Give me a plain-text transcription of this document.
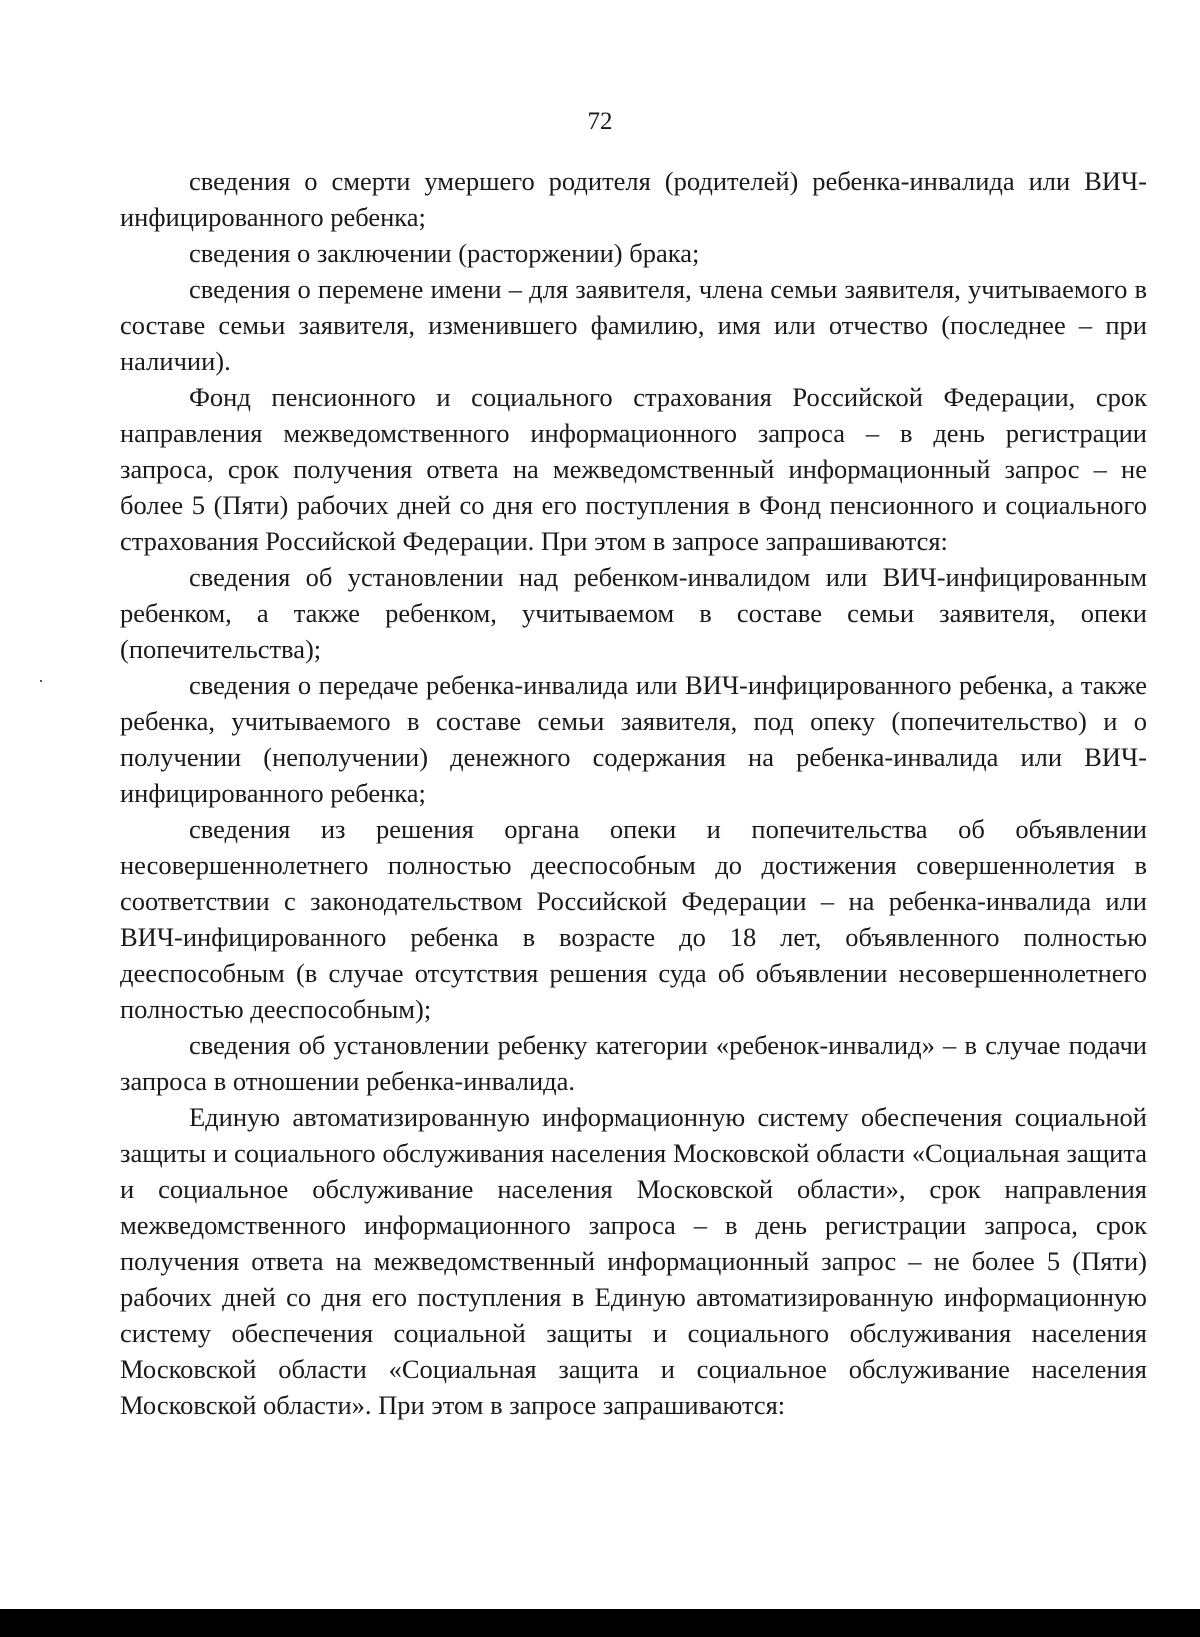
72

сведения о смерти умершего родителя (родителей) ребенка-инвалида или ВИЧ-инфицированного ребенка;

сведения о заключении (расторжении) брака;

сведения о перемене имени – для заявителя, члена семьи заявителя, учитываемого в составе семьи заявителя, изменившего фамилию, имя или отчество (последнее – при наличии).

Фонд пенсионного и социального страхования Российской Федерации, срок направления межведомственного информационного запроса – в день регистрации запроса, срок получения ответа на межведомственный информационный запрос – не более 5 (Пяти) рабочих дней со дня его поступления в Фонд пенсионного и социального страхования Российской Федерации. При этом в запросе запрашиваются:

сведения об установлении над ребенком-инвалидом или ВИЧ-инфицированным ребенком, а также ребенком, учитываемом в составе семьи заявителя, опеки (попечительства);

сведения о передаче ребенка-инвалида или ВИЧ-инфицированного ребенка, а также ребенка, учитываемого в составе семьи заявителя, под опеку (попечительство) и о получении (неполучении) денежного содержания на ребенка-инвалида или ВИЧ-инфицированного ребенка;

сведения из решения органа опеки и попечительства об объявлении несовершеннолетнего полностью дееспособным до достижения совершеннолетия в соответствии с законодательством Российской Федерации – на ребенка-инвалида или ВИЧ-инфицированного ребенка в возрасте до 18 лет, объявленного полностью дееспособным (в случае отсутствия решения суда об объявлении несовершеннолетнего полностью дееспособным);

сведения об установлении ребенку категории «ребенок-инвалид» – в случае подачи запроса в отношении ребенка-инвалида.

Единую автоматизированную информационную систему обеспечения социальной защиты и социального обслуживания населения Московской области «Социальная защита и социальное обслуживание населения Московской области», срок направления межведомственного информационного запроса – в день регистрации запроса, срок получения ответа на межведомственный информационный запрос – не более 5 (Пяти) рабочих дней со дня его поступления в Единую автоматизированную информационную систему обеспечения социальной защиты и социального обслуживания населения Московской области «Социальная защита и социальное обслуживание населения Московской области». При этом в запросе запрашиваются:
